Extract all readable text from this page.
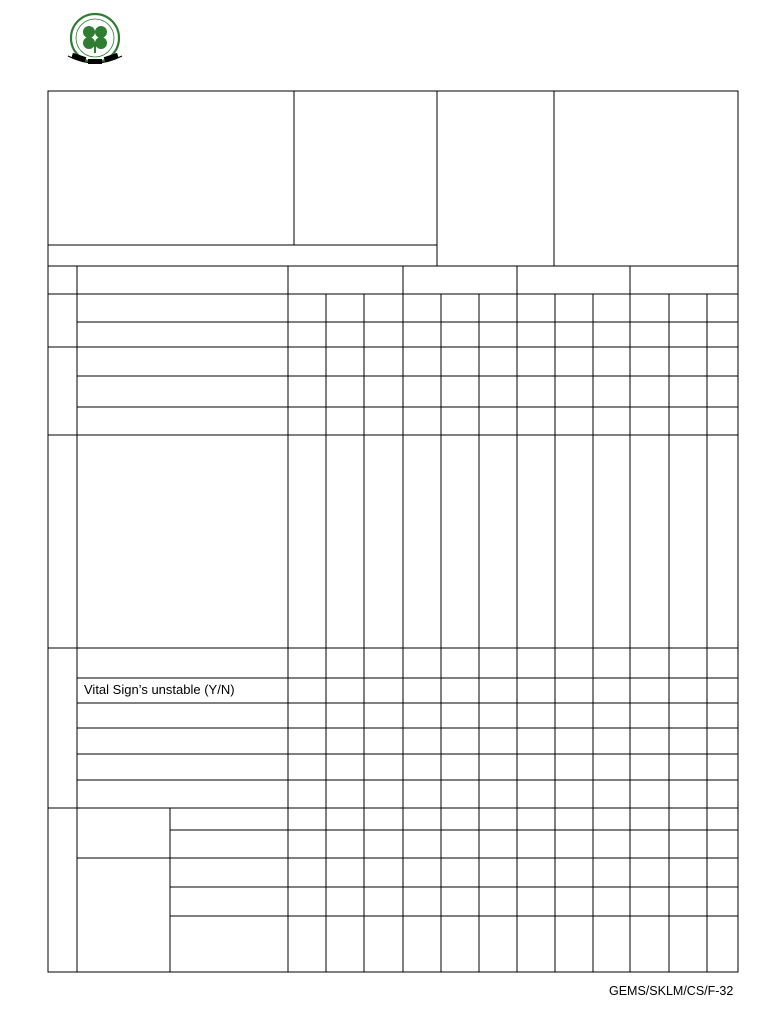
Vital Sign’s unstable (Y/N)
GEMS/SKLM/CS/F-32
